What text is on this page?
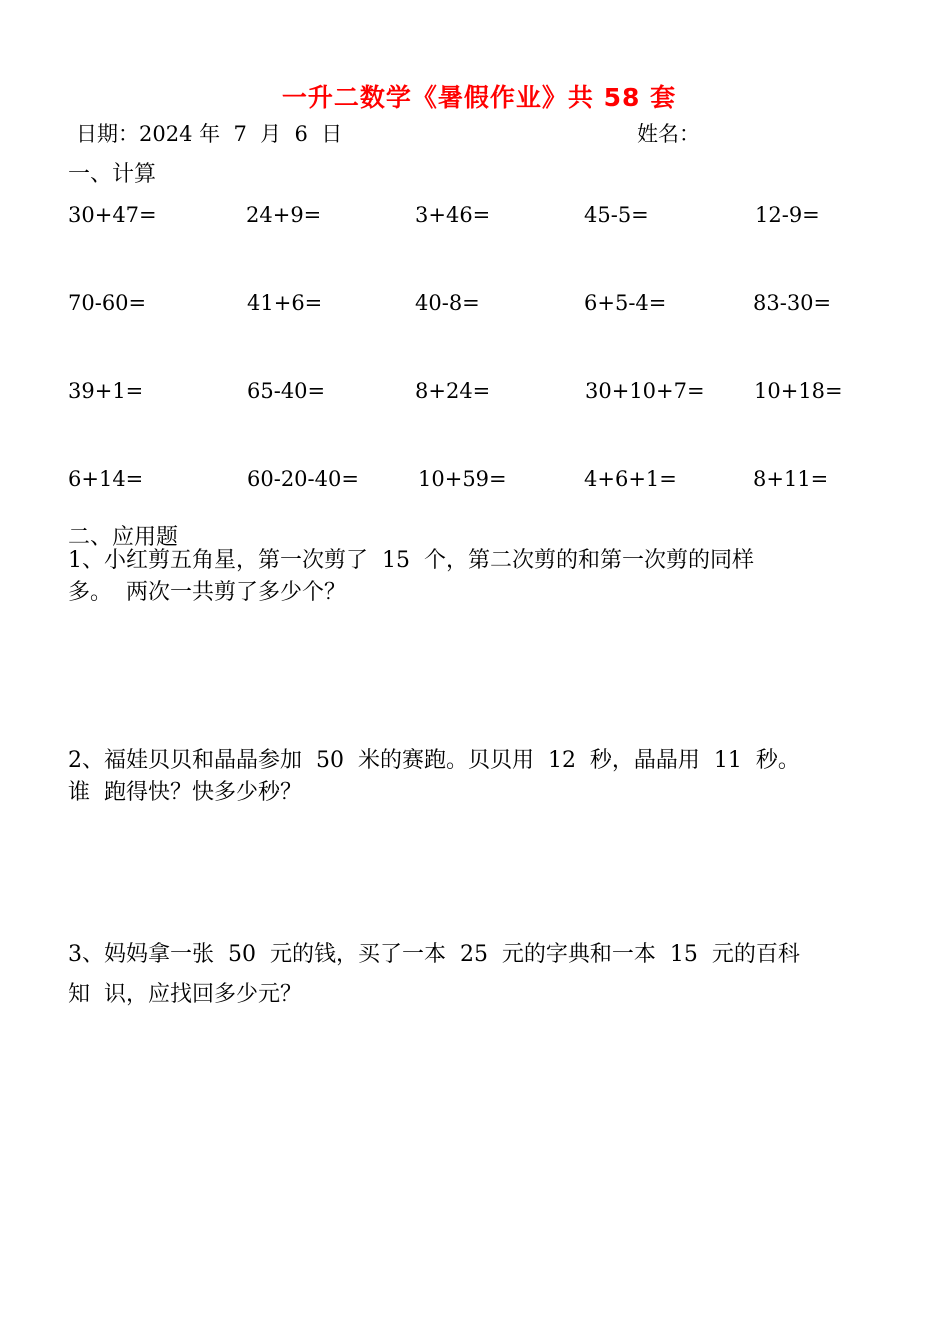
一升二数学《暑假作业》共 58 套
日期：2024 年  7  月  6  日	姓名：
一、计算
30+47=	24+9=	3+46=	45-5=	12-9=
70-60=	41+6=	40-8=	6+5-4=	83-30=
39+1=	65-40=	8+24=	30+10+7= 10+18=
6+14=	60-20-40=	10+59=	4+6+1=	8+11=
二、应用题
1、小红剪五角星，第一次剪了  15  个，第二次剪的和第一次剪的同样
多。  两次一共剪了多少个？
2、福娃贝贝和晶晶参加  50  米的赛跑。贝贝用  12  秒，晶晶用  11  秒。
谁  跑得快？快多少秒？
3、妈妈拿一张  50  元的钱，买了一本  25  元的字典和一本  15  元的百科
知  识，应找回多少元？
